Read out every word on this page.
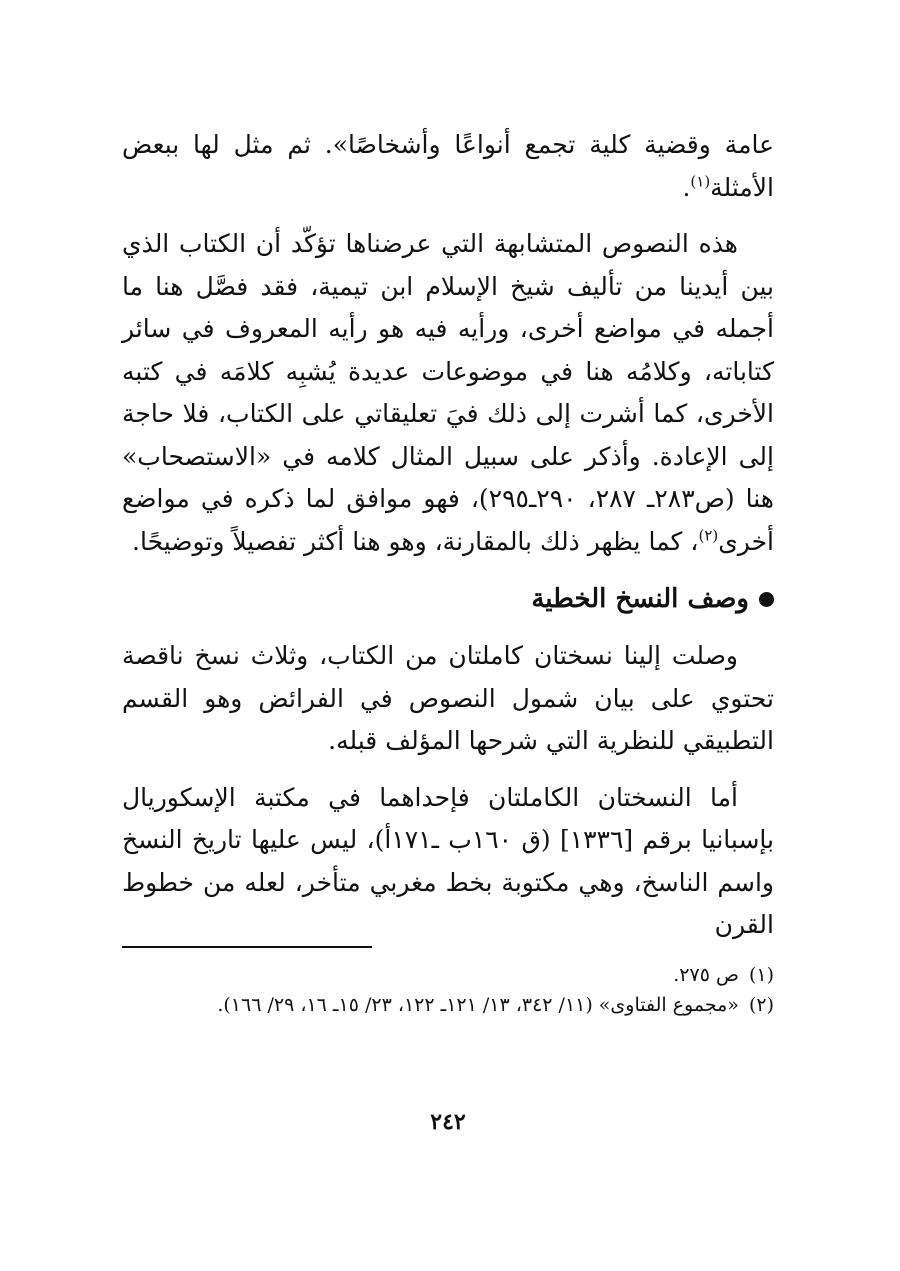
عامة وقضية كلية تجمع أنواعًا وأشخاصًا». ثم مثل لها ببعض الأمثلة$^{(١)}$.

هذه النصوص المتشابهة التي عرضناها تؤكّد أن الكتاب الذي بين أيدينا من تأليف شيخ الإسلام ابن تيمية، فقد فصَّل هنا ما أجمله في مواضع أخرى، ورأيه فيه هو رأيه المعروف في سائر كتاباته، وكلامُه هنا في موضوعات عديدة يُشبِه كلامَه في كتبه الأخرى، كما أشرت إلى ذلك فيَ تعليقاتي على الكتاب، فلا حاجة إلى الإعادة. وأذكر على سبيل المثال كلامه في «الاستصحاب» هنا (ص٢٨٣ـ ٢٨٧، ٢٩٠ـ٢٩٥)، فهو موافق لما ذكره في مواضع أخرى$^{(٢)}$، كما يظهر ذلك بالمقارنة، وهو هنا أكثر تفصيلاً وتوضيحًا.

وصف النسخ الخطية

وصلت إلينا نسختان كاملتان من الكتاب، وثلاث نسخ ناقصة تحتوي على بيان شمول النصوص في الفرائض وهو القسم التطبيقي للنظرية التي شرحها المؤلف قبله.

أما النسختان الكاملتان فإحداهما في مكتبة الإسكوريال بإسبانيا برقم [١٣٣٦] (ق ١٦٠ب ـ١٧١أ)، ليس عليها تاريخ النسخ واسم الناسخ، وهي مكتوبة بخط مغربي متأخر، لعله من خطوط القرن

(١)
ص ٢٧٥.
(٢)
«مجموع الفتاوى» (١١/ ٣٤٢، ١٣/ ١٢١ـ ١٢٢، ٢٣/ ١٥ـ ١٦، ٢٩/ ١٦٦).
٢٤٢
